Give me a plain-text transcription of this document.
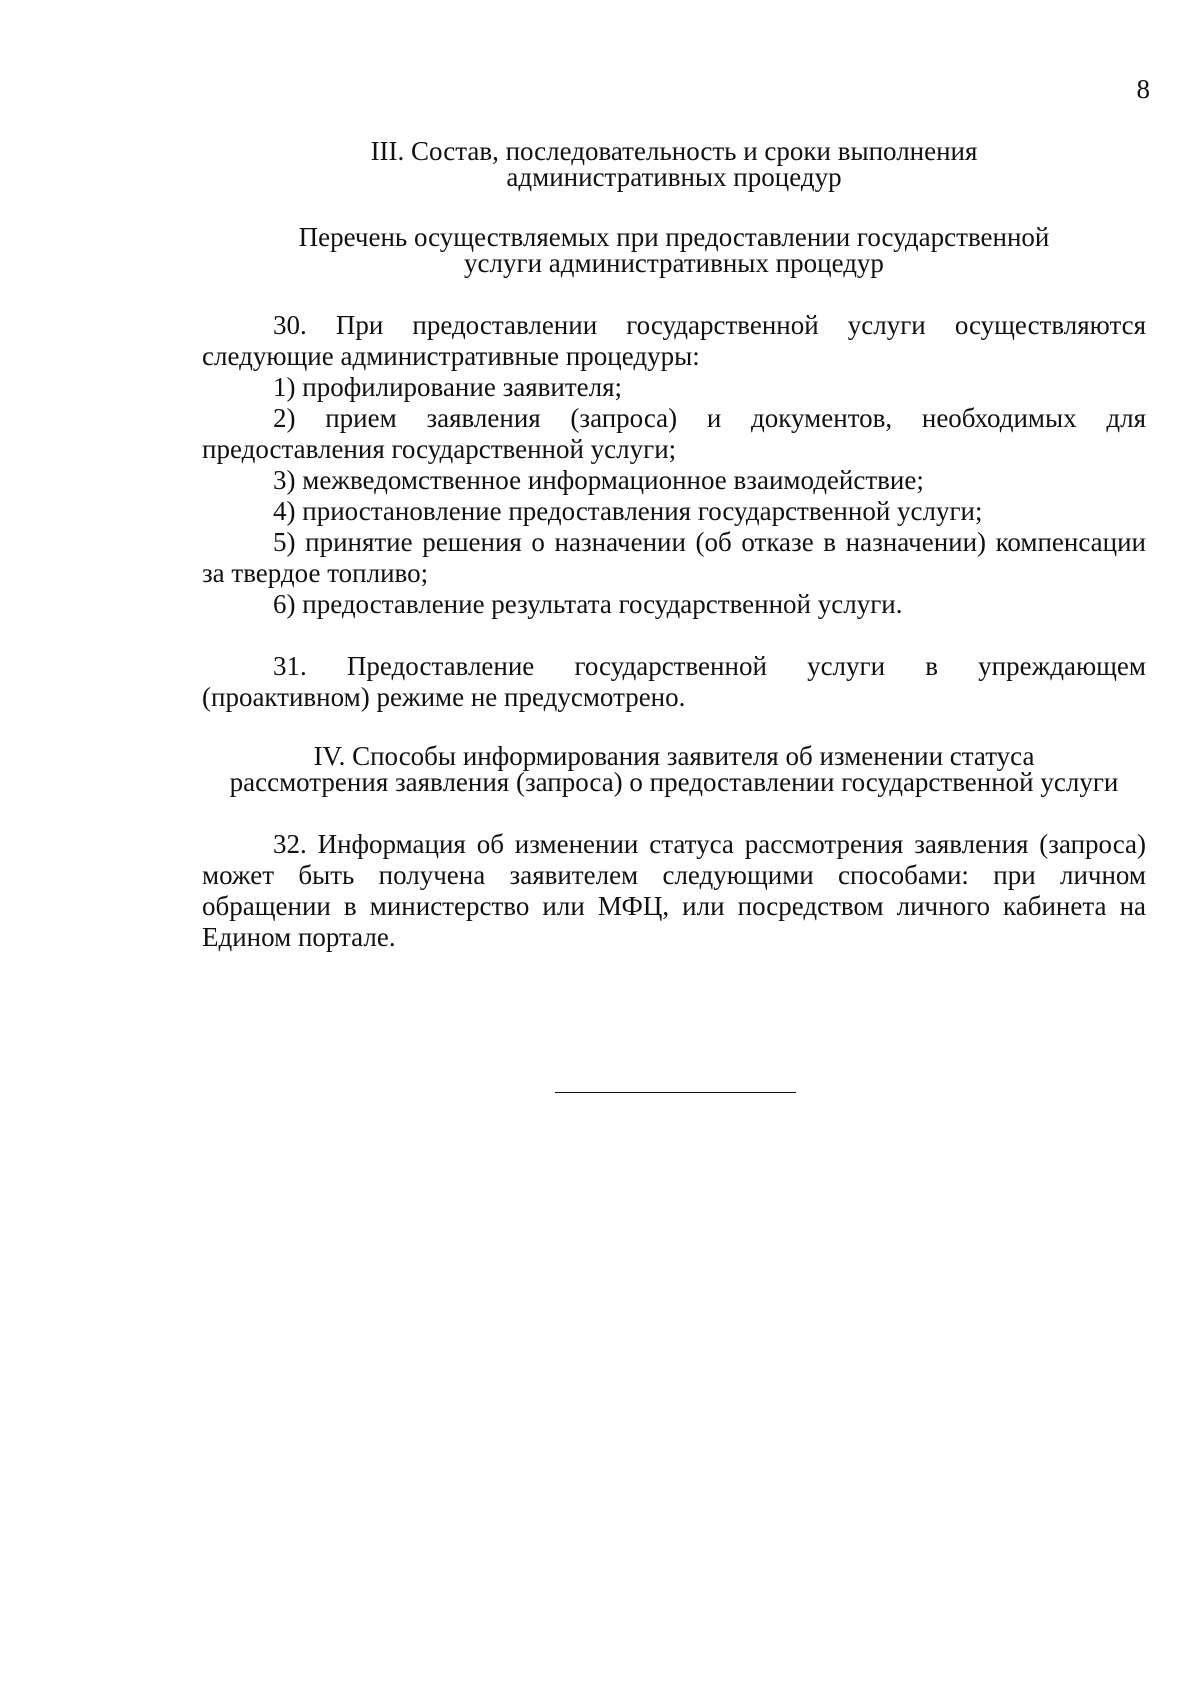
8
III. Состав, последовательность и сроки выполнения
административных процедур
Перечень осуществляемых при предоставлении государственной
услуги административных процедур

30. При предоставлении государственной услуги осуществляются следующие административные процедуры:

1) профилирование заявителя;

2) прием заявления (запроса) и документов, необходимых для предоставления государственной услуги;

3) межведомственное информационное взаимодействие;

4) приостановление предоставления государственной услуги;

5) принятие решения о назначении (об отказе в назначении) компенсации за твердое топливо;

6) предоставление результата государственной услуги.

31. Предоставление государственной услуги в упреждающем (проактивном) режиме не предусмотрено.

IV. Способы информирования заявителя об изменении статуса
рассмотрения заявления (запроса) о предоставлении государственной услуги

32. Информация об изменении статуса рассмотрения заявления (запроса) может быть получена заявителем следующими способами: при личном обращении в министерство или МФЦ, или посредством личного кабинета на Едином портале.
